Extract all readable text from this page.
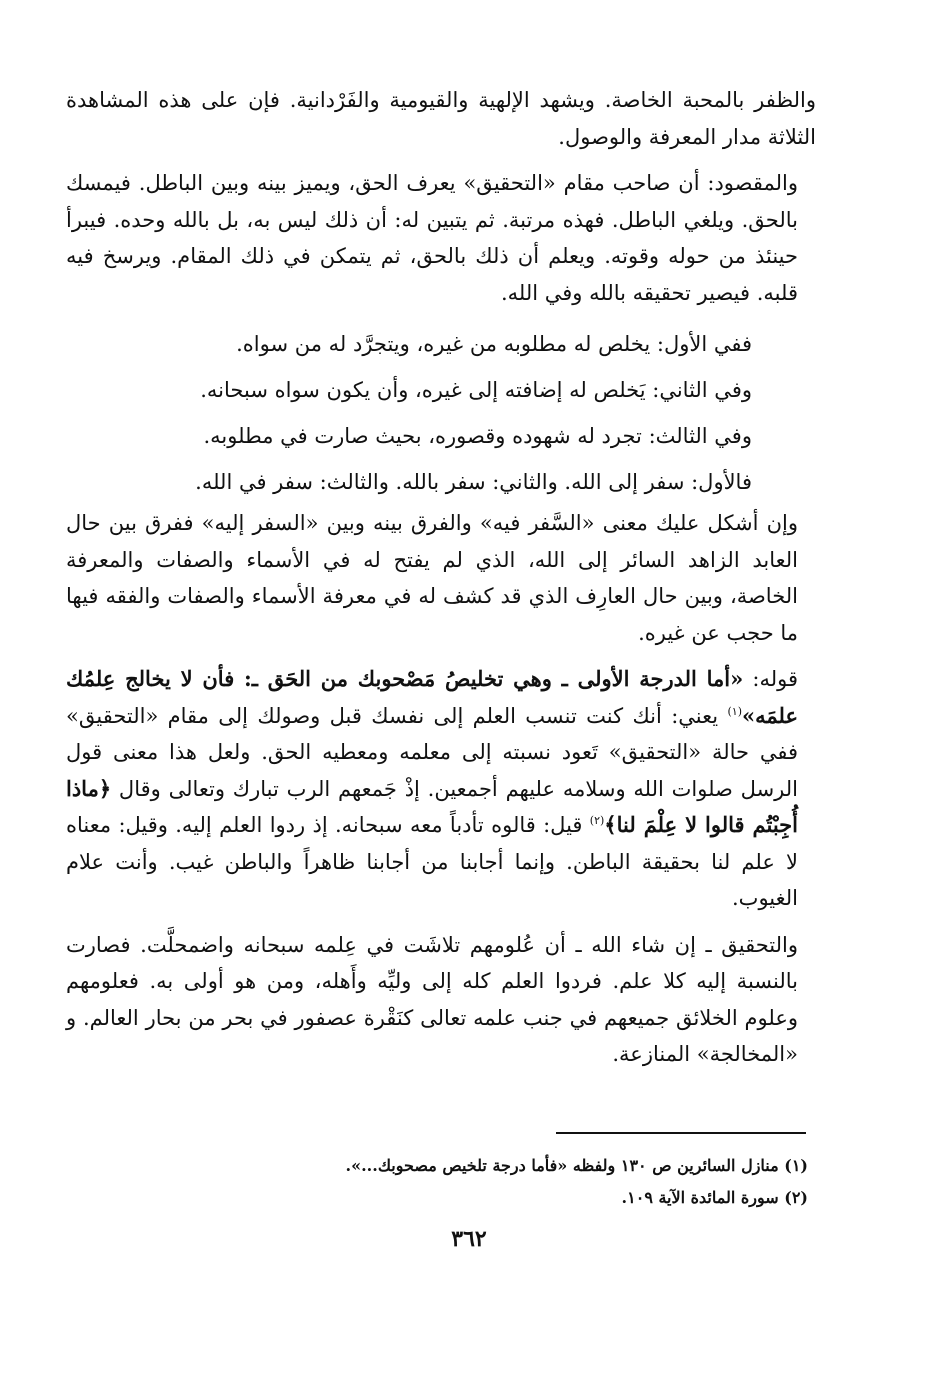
والظفر بالمحبة الخاصة. ويشهد الإلهية والقيومية والفَرْدانية. فإن على هذه المشاهدة الثلاثة مدار المعرفة والوصول.

والمقصود: أن صاحب مقام «التحقيق» يعرف الحق، ويميز بينه وبين الباطل. فيمسك بالحق. ويلغي الباطل. فهذه مرتبة. ثم يتبين له: أن ذلك ليس به، بل بالله وحده. فيبرأ حينئذ من حوله وقوته. ويعلم أن ذلك بالحق، ثم يتمكن في ذلك المقام. ويرسخ فيه قلبه. فيصير تحقيقه بالله وفي الله.

ففي الأول: يخلص له مطلوبه من غيره، ويتجرَّد له من سواه.

وفي الثاني: يَخلص له إضافته إلى غيره، وأن يكون سواه سبحانه.

وفي الثالث: تجرد له شهوده وقصوره، بحيث صارت في مطلوبه.

فالأول: سفر إلى الله. والثاني: سفر بالله. والثالث: سفر في الله.

وإن أشكل عليك معنى «السَّفر فيه» والفرق بينه وبين «السفر إليه» ففرق بين حال العابد الزاهد السائر إلى الله، الذي لم يفتح له في الأسماء والصفات والمعرفة الخاصة، وبين حال العارِف الذي قد كشف له في معرفة الأسماء والصفات والفقه فيها ما حجب عن غيره.

قوله: «أما الدرجة الأولى ـ وهي تخليصُ مَصْحوبك من الحَق ـ: فأن لا يخالج عِلمُك علمَه»$^{(١)}$ يعني: أنك كنت تنسب العلم إلى نفسك قبل وصولك إلى مقام «التحقيق» ففي حالة «التحقيق» تَعود نسبته إلى معلمه ومعطيه الحق. ولعل هذا معنى قول الرسل صلوات الله وسلامه عليهم أجمعين. إذْ جَمعهم الرب تبارك وتعالى وقال ﴿ماذا أُجِبْتُم قالوا لا عِلْمَ لنا﴾$^{(٢)}$ قيل: قالوه تأدباً معه سبحانه. إذ ردوا العلم إليه. وقيل: معناه لا علم لنا بحقيقة الباطن. وإنما أجابنا من أجابنا ظاهراً والباطن غيب. وأنت علام الغيوب.

والتحقيق ـ إن شاء الله ـ أن عُلومهم تلاشَت في عِلمه سبحانه واضمحلَّت. فصارت بالنسبة إليه كلا علم. فردوا العلم كله إلى وليِّه وأَهله، ومن هو أولى به. فعلومهم وعلوم الخلائق جميعهم في جنب علمه تعالى كنَقْرة عصفور في بحر من بحار العالم. و «المخالجة» المنازعة.

(١) منازل السائرين ص ١٣٠ ولفظه «فأما درجة تلخيص مصحوبك...».

(٢) سورة المائدة الآية ١٠٩.

٣٦٢
